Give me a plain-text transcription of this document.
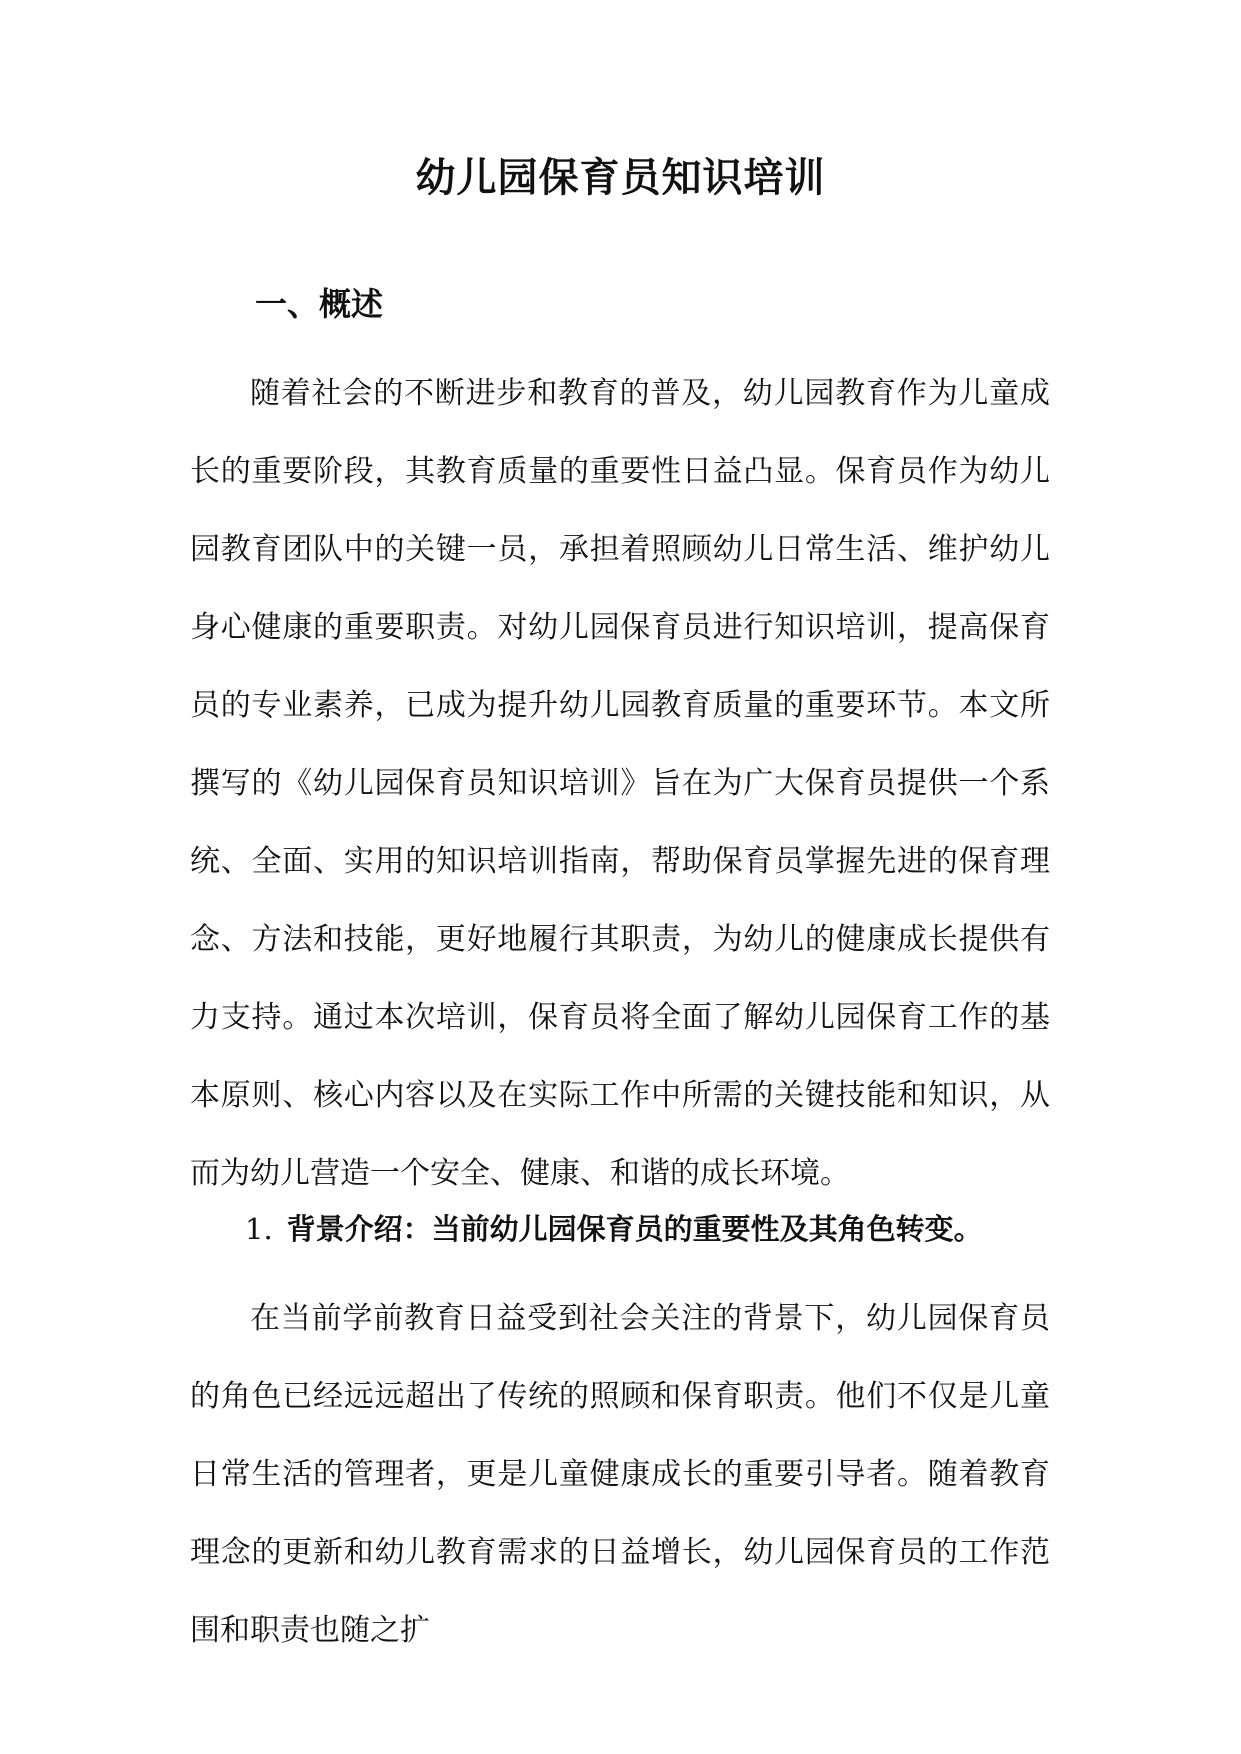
幼儿园保育员知识培训
一、概述

随着社会的不断进步和教育的普及，幼儿园教育作为儿童成长的重要阶段，其教育质量的重要性日益凸显。保育员作为幼儿园教育团队中的关键一员，承担着照顾幼儿日常生活、维护幼儿身心健康的重要职责。对幼儿园保育员进行知识培训，提高保育员的专业素养，已成为提升幼儿园教育质量的重要环节。本文所撰写的《幼儿园保育员知识培训》旨在为广大保育员提供一个系统、全面、实用的知识培训指南，帮助保育员掌握先进的保育理念、方法和技能，更好地履行其职责，为幼儿的健康成长提供有力支持。通过本次培训，保育员将全面了解幼儿园保育工作的基本原则、核心内容以及在实际工作中所需的关键技能和知识，从而为幼儿营造一个安全、健康、和谐的成长环境。

1. 背景介绍：当前幼儿园保育员的重要性及其角色转变。

在当前学前教育日益受到社会关注的背景下，幼儿园保育员的角色已经远远超出了传统的照顾和保育职责。他们不仅是儿童日常生活的管理者，更是儿童健康成长的重要引导者。随着教育理念的更新和幼儿教育需求的日益增长，幼儿园保育员的工作范围和职责也随之扩
